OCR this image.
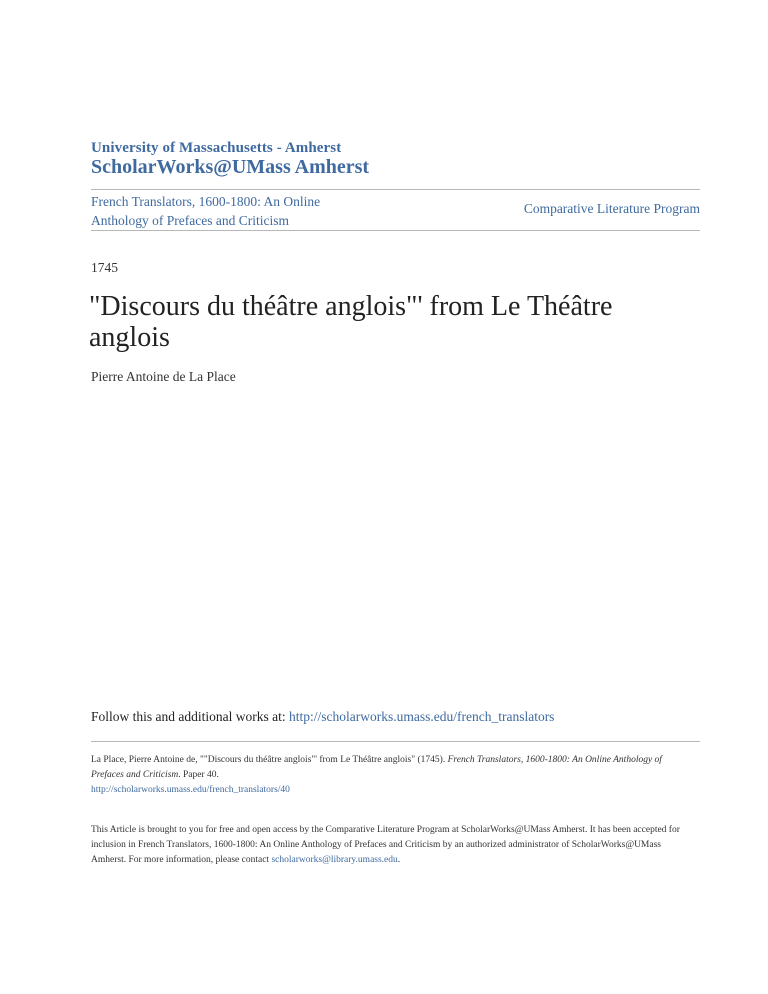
University of Massachusetts - Amherst
ScholarWorks@UMass Amherst
French Translators, 1600-1800: An Online Anthology of Prefaces and Criticism
Comparative Literature Program
1745
"Discours du théâtre anglois"' from Le Théâtre anglois
Pierre Antoine de La Place
Follow this and additional works at: http://scholarworks.umass.edu/french_translators
La Place, Pierre Antoine de, ""Discours du théâtre anglois"' from Le Théâtre anglois" (1745). French Translators, 1600-1800: An Online Anthology of Prefaces and Criticism. Paper 40.
http://scholarworks.umass.edu/french_translators/40
This Article is brought to you for free and open access by the Comparative Literature Program at ScholarWorks@UMass Amherst. It has been accepted for inclusion in French Translators, 1600-1800: An Online Anthology of Prefaces and Criticism by an authorized administrator of ScholarWorks@UMass Amherst. For more information, please contact scholarworks@library.umass.edu.
